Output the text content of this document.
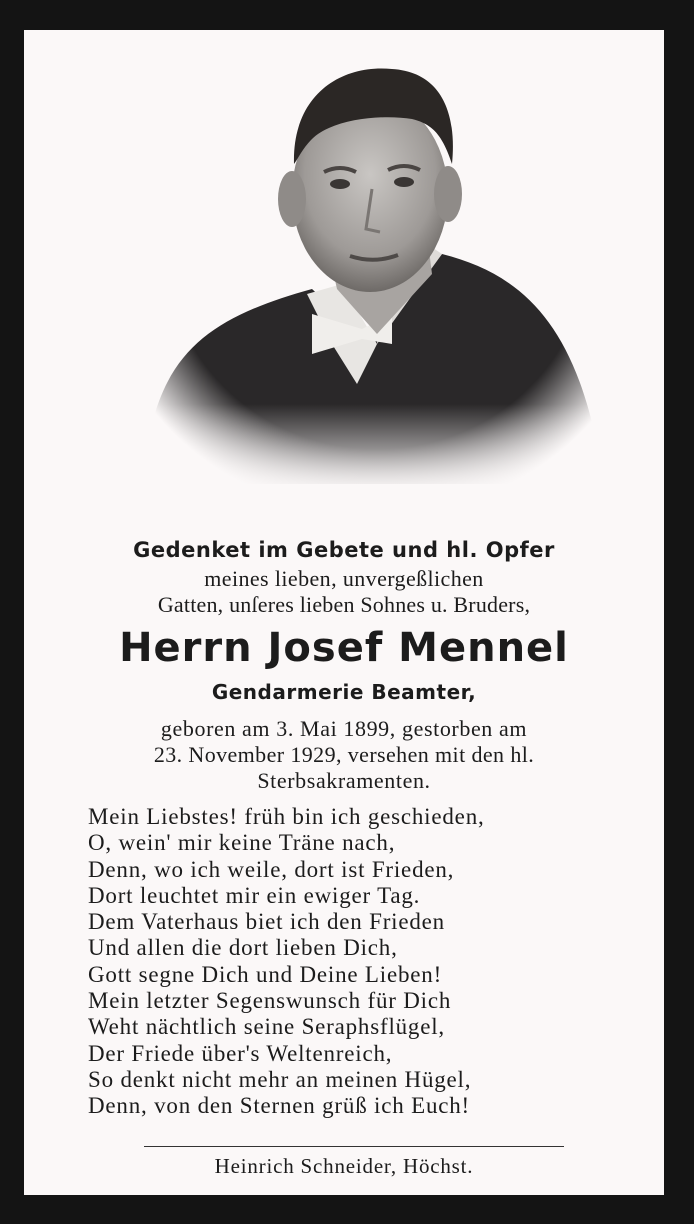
Gedenket im Gebete und hl. Opfer
meines lieben, unvergeßlichen
Gatten, unſeres lieben Sohnes u. Bruders,
Herrn Josef Mennel
Gendarmerie Beamter,
geboren am 3. Mai 1899, gestorben am
23. November 1929, versehen mit den hl.
Sterbsakramenten.
Mein Liebstes! früh bin ich geschieden,
O, wein' mir keine Träne nach,
Denn, wo ich weile, dort ist Frieden,
Dort leuchtet mir ein ewiger Tag.
Dem Vaterhaus biet ich den Frieden
Und allen die dort lieben Dich,
Gott segne Dich und Deine Lieben!
Mein letzter Segenswunsch für Dich
Weht nächtlich seine Seraphsflügel,
Der Friede über's Weltenreich,
So denkt nicht mehr an meinen Hügel,
Denn, von den Sternen grüß ich Euch!
Heinrich Schneider, Höchst.
